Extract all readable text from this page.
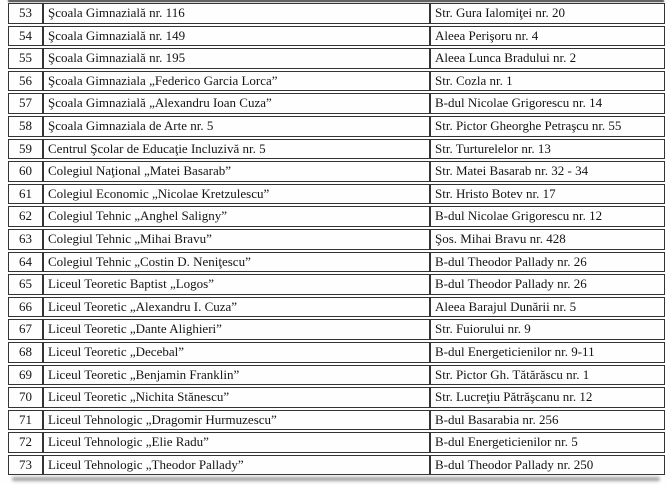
53	Şcoala Gimnazială nr. 116	Str. Gura Ialomiţei nr. 20
54	Şcoala Gimnazială nr. 149	Aleea Perişoru nr. 4
55	Şcoala Gimnazială nr. 195	Aleea Lunca Bradului nr. 2
56	Şcoala Gimnaziala „Federico Garcia Lorca”	Str. Cozla nr. 1
57	Şcoala Gimnazială „Alexandru Ioan Cuza”	B-dul Nicolae Grigorescu nr. 14
58	Şcoala Gimnaziala de Arte nr. 5	Str. Pictor Gheorghe Petraşcu nr. 55
59	Centrul Şcolar de Educaţie Incluzivă nr. 5	Str. Turturelelor nr. 13
60	Colegiul Naţional „Matei Basarab”	Str. Matei Basarab nr. 32 - 34
61	Colegiul Economic „Nicolae Kretzulescu”	Str. Hristo Botev nr. 17
62	Colegiul Tehnic „Anghel Saligny”	B-dul Nicolae Grigorescu nr. 12
63	Colegiul Tehnic „Mihai Bravu”	Şos. Mihai Bravu nr. 428
64	Colegiul Tehnic „Costin D. Neniţescu”	B-dul Theodor Pallady nr. 26
65	Liceul Teoretic Baptist „Logos”	B-dul Theodor Pallady nr. 26
66	Liceul Teoretic „Alexandru I. Cuza”	Aleea Barajul Dunării nr. 5
67	Liceul Teoretic „Dante Alighieri”	Str. Fuiorului nr. 9
68	Liceul Teoretic „Decebal”	B-dul Energeticienilor nr. 9-11
69	Liceul Teoretic „Benjamin Franklin”	Str. Pictor Gh. Tătărăscu nr. 1
70	Liceul Teoretic „Nichita Stănescu”	Str. Lucreţiu Pătrăşcanu nr. 12
71	Liceul Tehnologic „Dragomir Hurmuzescu”	B-dul Basarabia nr. 256
72	Liceul Tehnologic „Elie Radu”	B-dul Energeticienilor nr. 5
73	Liceul Tehnologic „Theodor Pallady”	B-dul Theodor Pallady nr. 250
